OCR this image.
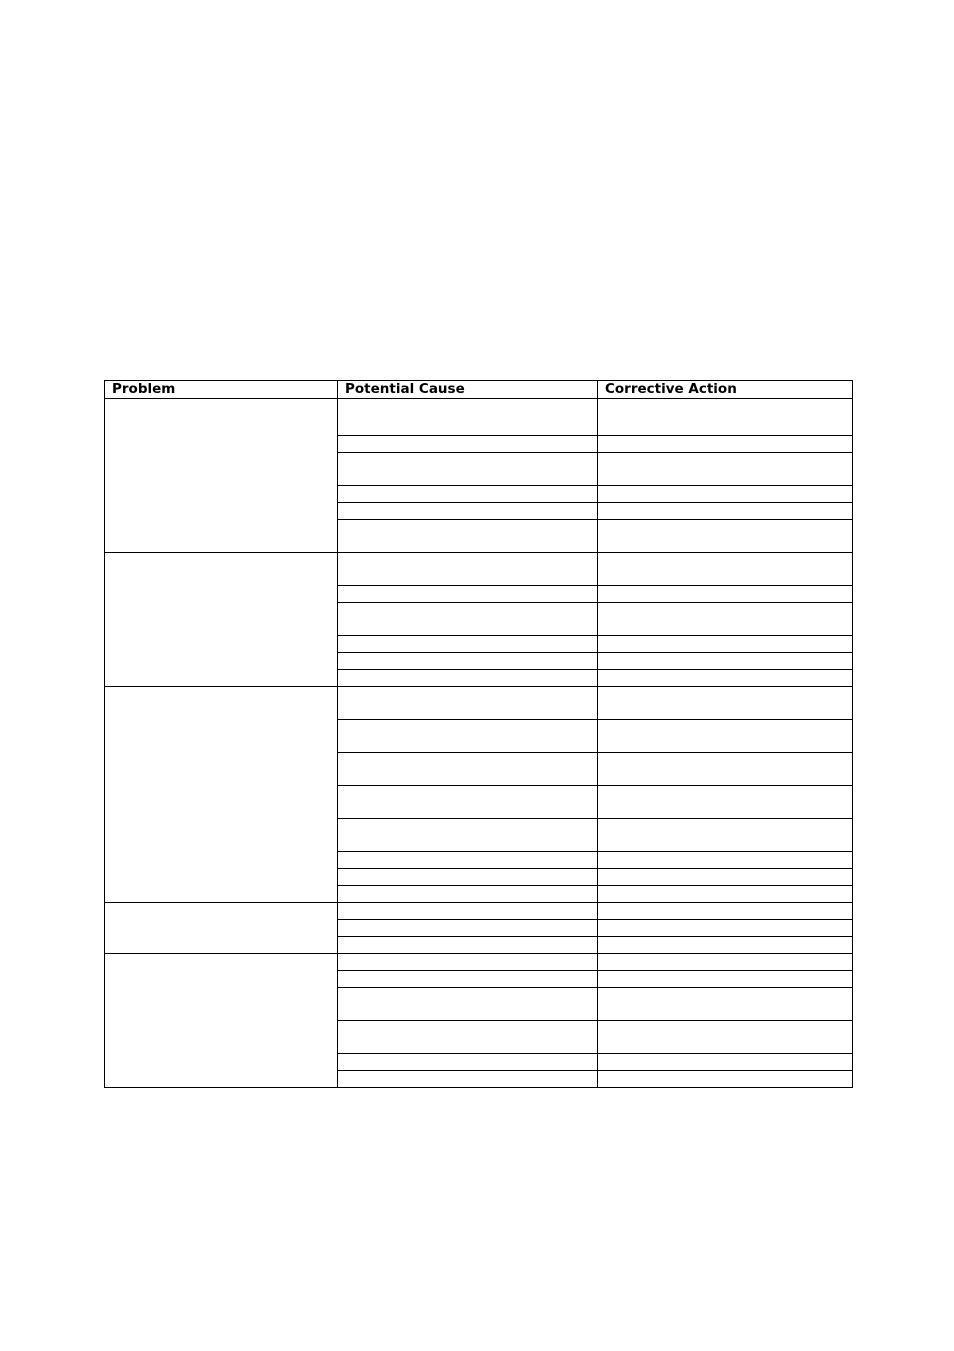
Problem	Potential Cause	Corrective Action
